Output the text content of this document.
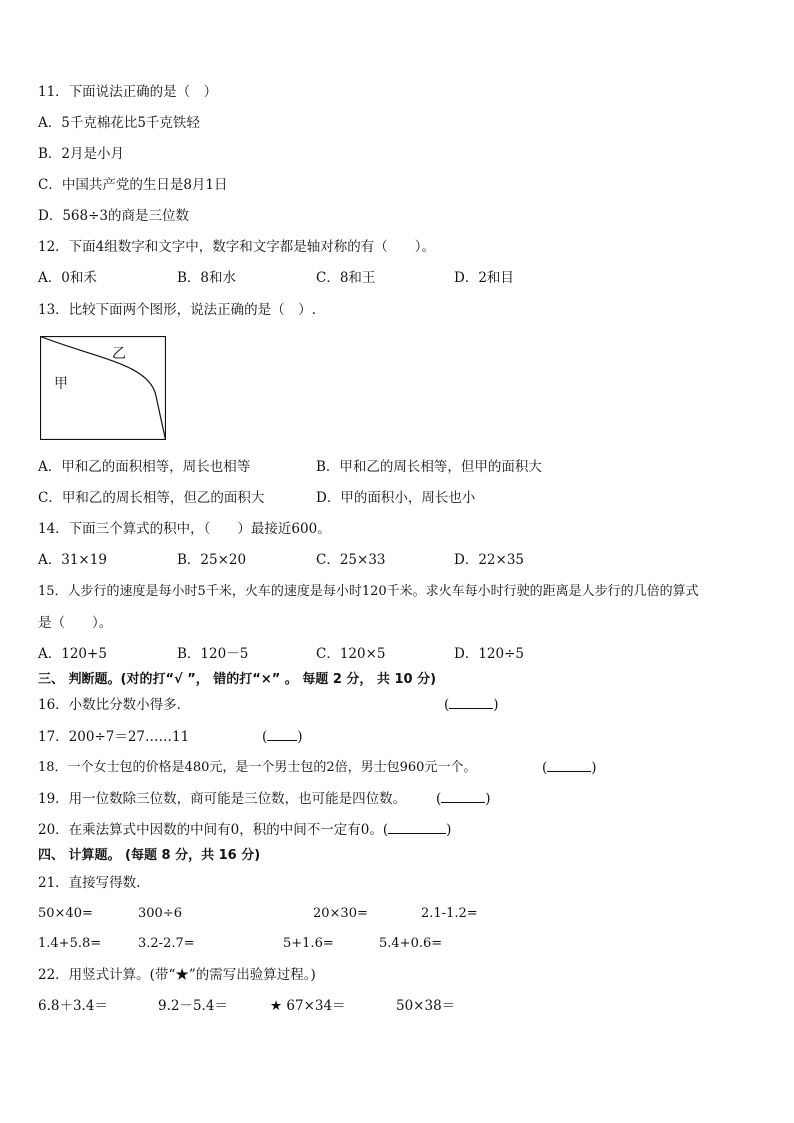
11．下面说法正确的是（　）
A．5千克棉花比5千克铁轻
B．2月是小月
C．中国共产党的生日是8月1日
D．568÷3的商是三位数
12．下面4组数字和文字中，数字和文字都是轴对称的有（　　）。
A．0和禾	B．8和水	C．8和王	D．2和目
13．比较下面两个图形，说法正确的是（　）.
甲
乙
A．甲和乙的面积相等，周长也相等	B．甲和乙的周长相等，但甲的面积大
C．甲和乙的周长相等，但乙的面积大	D．甲的面积小，周长也小
14．下面三个算式的积中，（　　）最接近600。
A．31×19	B．25×20	C．25×33	D．22×35
15．人步行的速度是每小时5千米，火车的速度是每小时120千米。求火车每小时行驶的距离是人步行的几倍的算式
是（　　）。
A．120+5	B．120－5	C．120×5	D．120÷5
三、 判断题。(对的打“√ ”， 错的打“×” 。 每题 2 分， 共 10 分)
16．小数比分数小得多．	(	)
17．200÷7＝27……11	( )
18．一个女士包的价格是480元，是一个男士包的2倍，男士包960元一个。	(	)
19．用一位数除三位数，商可能是三位数，也可能是四位数。 (	)
20．在乘法算式中因数的中间有0，积的中间不一定有0。(	)
四、 计算题。 (每题 8 分，共 16 分)
21．直接写得数.
50×40=	300÷6	20×30=	2.1-1.2=
1.4+5.8=	3.2-2.7=	5+1.6=	5.4+0.6=
22．用竖式计算。(带“★”的需写出验算过程。)
6.8＋3.4＝	9.2－5.4＝	★ 67×34＝	50×38＝
